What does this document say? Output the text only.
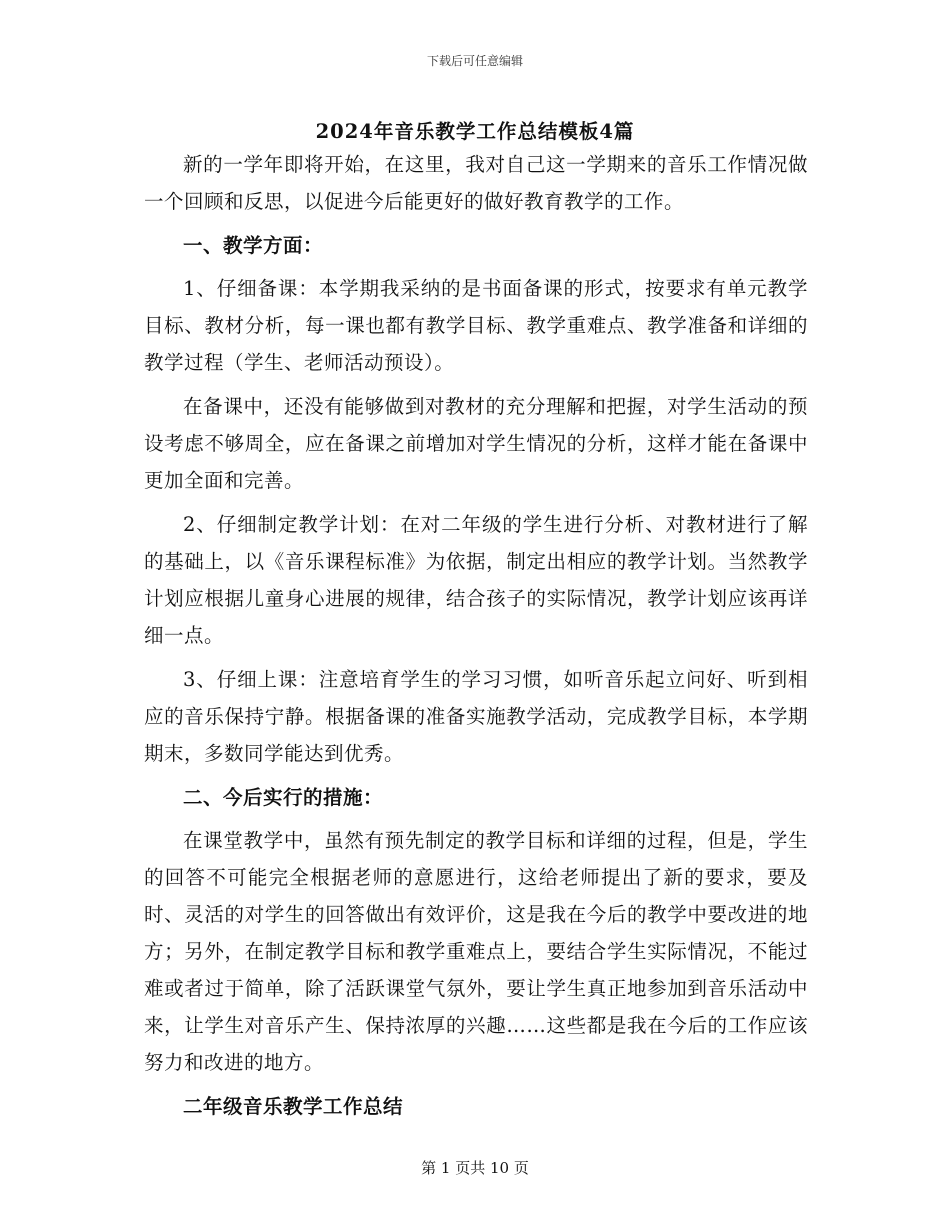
下载后可任意编辑
2024年音乐教学工作总结模板4篇

新的一学年即将开始，在这里，我对自己这一学期来的音乐工作情况做一个回顾和反思，以促进今后能更好的做好教育教学的工作。

一、教学方面：

1、仔细备课：本学期我采纳的是书面备课的形式，按要求有单元教学目标、教材分析，每一课也都有教学目标、教学重难点、教学准备和详细的教学过程（学生、老师活动预设）。

在备课中，还没有能够做到对教材的充分理解和把握，对学生活动的预设考虑不够周全，应在备课之前增加对学生情况的分析，这样才能在备课中更加全面和完善。

2、仔细制定教学计划：在对二年级的学生进行分析、对教材进行了解的基础上，以《音乐课程标准》为依据，制定出相应的教学计划。当然教学计划应根据儿童身心进展的规律，结合孩子的实际情况，教学计划应该再详细一点。

3、仔细上课：注意培育学生的学习习惯，如听音乐起立问好、听到相应的音乐保持宁静。根据备课的准备实施教学活动，完成教学目标，本学期期末，多数同学能达到优秀。

二、今后实行的措施：

在课堂教学中，虽然有预先制定的教学目标和详细的过程，但是，学生的回答不可能完全根据老师的意愿进行，这给老师提出了新的要求，要及时、灵活的对学生的回答做出有效评价，这是我在今后的教学中要改进的地方；另外，在制定教学目标和教学重难点上，要结合学生实际情况，不能过难或者过于简单，除了活跃课堂气氛外，要让学生真正地参加到音乐活动中来，让学生对音乐产生、保持浓厚的兴趣……这些都是我在今后的工作应该努力和改进的地方。

二年级音乐教学工作总结

第 1 页共 10 页
